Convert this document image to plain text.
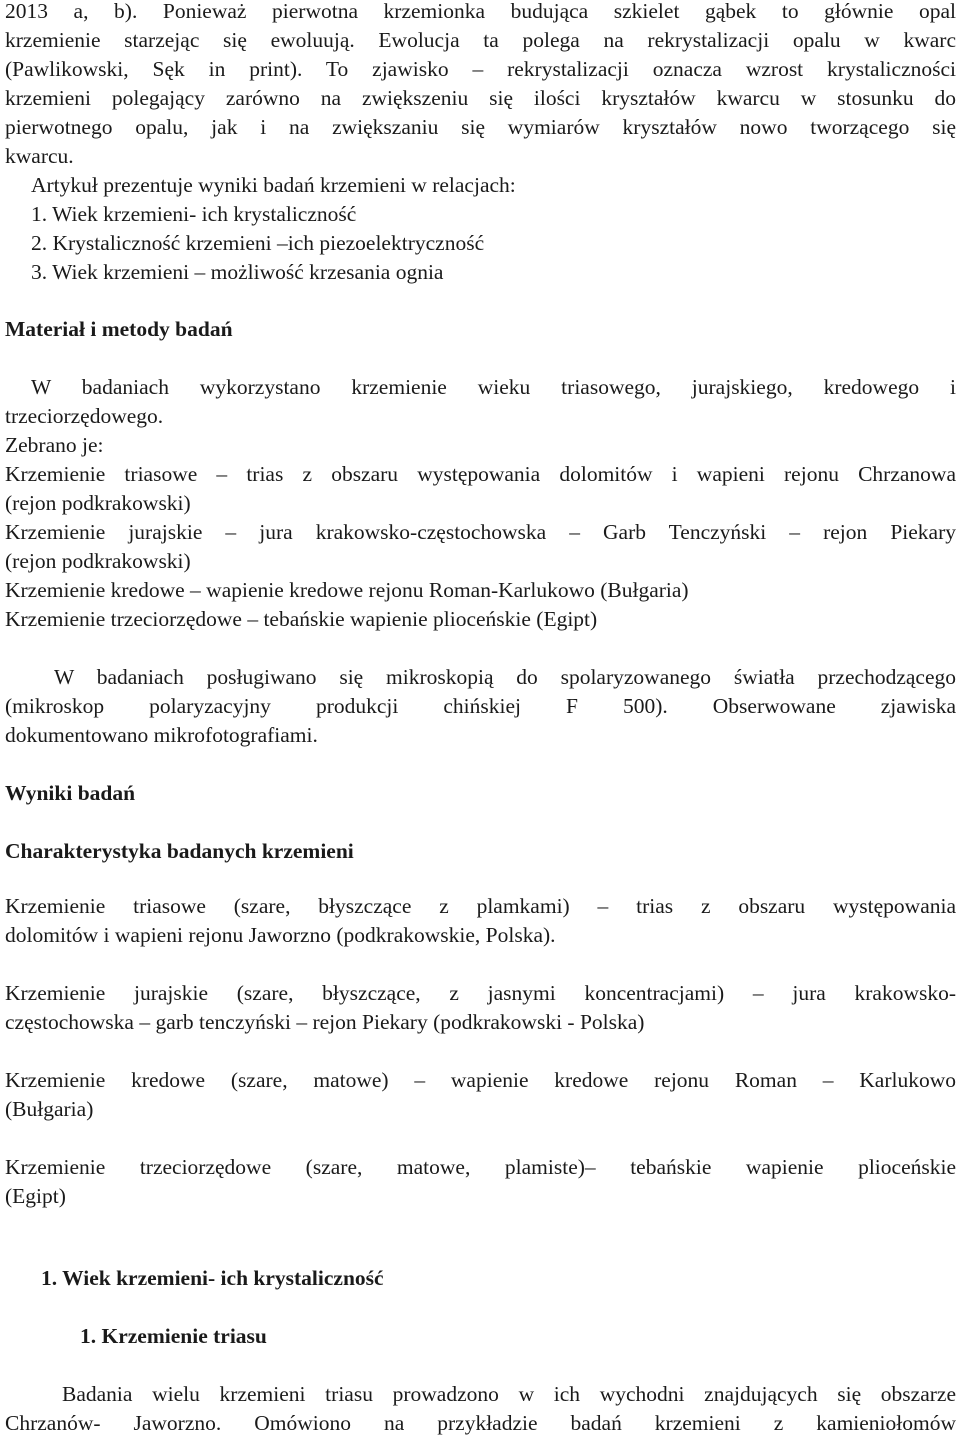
2013 a, b). Ponieważ pierwotna krzemionka budująca szkielet gąbek to głównie opal
krzemienie starzejąc się ewoluują. Ewolucja ta polega na rekrystalizacji opalu w kwarc
(Pawlikowski, Sęk in print). To zjawisko – rekrystalizacji oznacza wzrost krystaliczności
krzemieni polegający zarówno na zwiększeniu się ilości kryształów kwarcu w stosunku do
pierwotnego opalu, jak i na zwiększaniu się wymiarów kryształów nowo tworzącego się
kwarcu.
Artykuł prezentuje wyniki badań krzemieni w relacjach:
1. Wiek krzemieni- ich krystaliczność
2. Krystaliczność krzemieni –ich piezoelektryczność
3. Wiek krzemieni – możliwość krzesania ognia
Materiał i metody badań
W badaniach wykorzystano krzemienie wieku triasowego, jurajskiego, kredowego i
trzeciorzędowego.
Zebrano je:
Krzemienie triasowe – trias z obszaru występowania dolomitów i wapieni rejonu Chrzanowa
(rejon podkrakowski)
Krzemienie jurajskie – jura krakowsko-częstochowska – Garb Tenczyński – rejon Piekary
(rejon podkrakowski)
Krzemienie kredowe – wapienie kredowe rejonu Roman-Karlukowo (Bułgaria)
Krzemienie trzeciorzędowe – tebańskie wapienie plioceńskie (Egipt)
W badaniach posługiwano się mikroskopią do spolaryzowanego światła przechodzącego
(mikroskop polaryzacyjny produkcji chińskiej F 500). Obserwowane zjawiska
dokumentowano mikrofotografiami.
Wyniki badań
Charakterystyka badanych krzemieni
Krzemienie triasowe (szare, błyszczące z plamkami) – trias z obszaru występowania
dolomitów i wapieni rejonu Jaworzno (podkrakowskie, Polska).
Krzemienie jurajskie (szare, błyszczące, z jasnymi koncentracjami) – jura krakowsko-
częstochowska – garb tenczyński – rejon Piekary (podkrakowski - Polska)
Krzemienie kredowe (szare, matowe) – wapienie kredowe rejonu Roman – Karlukowo
(Bułgaria)
Krzemienie trzeciorzędowe (szare, matowe, plamiste)– tebańskie wapienie plioceńskie
(Egipt)
1. Wiek krzemieni- ich krystaliczność
1. Krzemienie triasu
Badania wielu krzemieni triasu prowadzono w ich wychodni znajdujących się obszarze
Chrzanów- Jaworzno. Omówiono na przykładzie badań krzemieni z kamieniołomów
